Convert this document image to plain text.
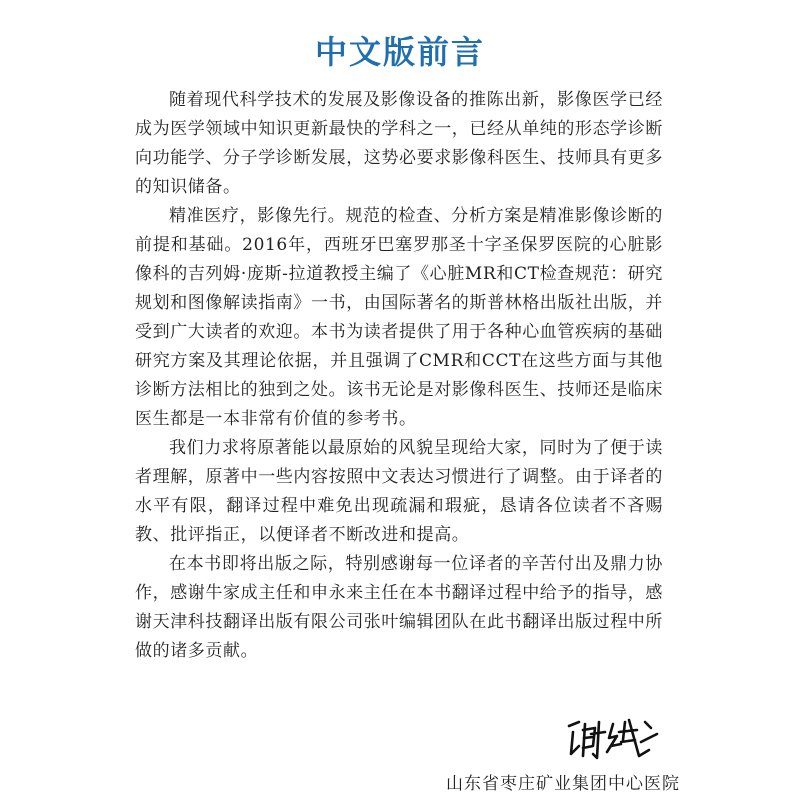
中文版前言

随着现代科学技术的发展及影像设备的推陈出新，影像医学已经成为医学领域中知识更新最快的学科之一，已经从单纯的形态学诊断向功能学、分子学诊断发展，这势必要求影像科医生、技师具有更多的知识储备。

精准医疗，影像先行。规范的检查、分析方案是精准影像诊断的前提和基础。2016年，西班牙巴塞罗那圣十字圣保罗医院的心脏影像科的吉列姆·庞斯-拉道教授主编了《心脏MR和CT检查规范：研究规划和图像解读指南》一书，由国际著名的斯普林格出版社出版，并受到广大读者的欢迎。本书为读者提供了用于各种心血管疾病的基础研究方案及其理论依据，并且强调了CMR和CCT在这些方面与其他诊断方法相比的独到之处。该书无论是对影像科医生、技师还是临床医生都是一本非常有价值的参考书。

我们力求将原著能以最原始的风貌呈现给大家，同时为了便于读者理解，原著中一些内容按照中文表达习惯进行了调整。由于译者的水平有限，翻译过程中难免出现疏漏和瑕疵，恳请各位读者不吝赐教、批评指正，以便译者不断改进和提高。

在本书即将出版之际，特别感谢每一位译者的辛苦付出及鼎力协作，感谢牛家成主任和申永来主任在本书翻译过程中给予的指导，感谢天津科技翻译出版有限公司张叶编辑团队在此书翻译出版过程中所做的诸多贡献。

山东省枣庄矿业集团中心医院
